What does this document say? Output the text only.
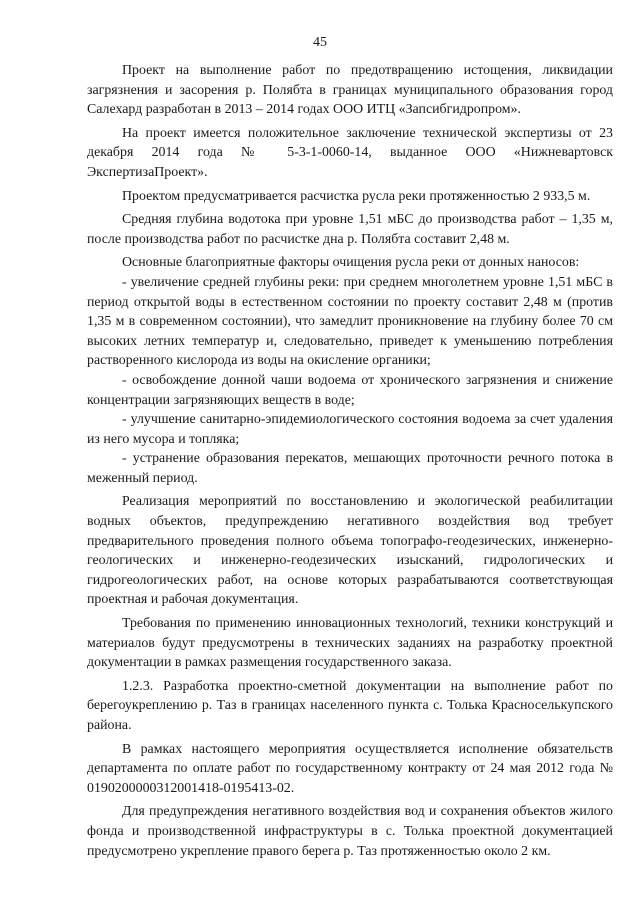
45

Проект на выполнение работ по предотвращению истощения, ликвидации загрязнения и засорения р. Полябта в границах муниципального образования город Салехард разработан в 2013 – 2014 годах ООО ИТЦ «Запсибгидропром».

На проект имеется положительное заключение технической экспертизы от 23 декабря 2014 года № 5-3-1-0060-14, выданное ООО «Нижневартовск ЭкспертизаПроект».

Проектом предусматривается расчистка русла реки протяженностью 2 933,5 м.

Средняя глубина водотока при уровне 1,51 мБС до производства работ – 1,35 м, после производства работ по расчистке дна р. Полябта составит 2,48 м.

Основные благоприятные факторы очищения русла реки от донных наносов:

- увеличение средней глубины реки: при среднем многолетнем уровне 1,51 мБС в период открытой воды в естественном состоянии по проекту составит 2,48 м (против 1,35 м в современном состоянии), что замедлит проникновение на глубину более 70 см высоких летних температур и, следовательно, приведет к уменьшению потребления растворенного кислорода из воды на окисление органики;

- освобождение донной чаши водоема от хронического загрязнения и снижение концентрации загрязняющих веществ в воде;

- улучшение санитарно-эпидемиологического состояния водоема за счет удаления из него мусора и топляка;

- устранение образования перекатов, мешающих проточности речного потока в меженный период.

Реализация мероприятий по восстановлению и экологической реабилитации водных объектов, предупреждению негативного воздействия вод требует предварительного проведения полного объема топографо-геодезических, инженерно-геологических и инженерно-геодезических изысканий, гидрологических и гидрогеологических работ, на основе которых разрабатываются соответствующая проектная и рабочая документация.

Требования по применению инновационных технологий, техники конструкций и материалов будут предусмотрены в технических заданиях на разработку проектной документации в рамках размещения государственного заказа.

1.2.3. Разработка проектно-сметной документации на выполнение работ по берегоукреплению р. Таз в границах населенного пункта с. Толька Красноселькупского района.

В рамках настоящего мероприятия осуществляется исполнение обязательств департамента по оплате работ по государственному контракту от 24 мая 2012 года № 0190200000312001418-0195413-02.

Для предупреждения негативного воздействия вод и сохранения объектов жилого фонда и производственной инфраструктуры в с. Толька проектной документацией предусмотрено укрепление правого берега р. Таз протяженностью около 2 км.
